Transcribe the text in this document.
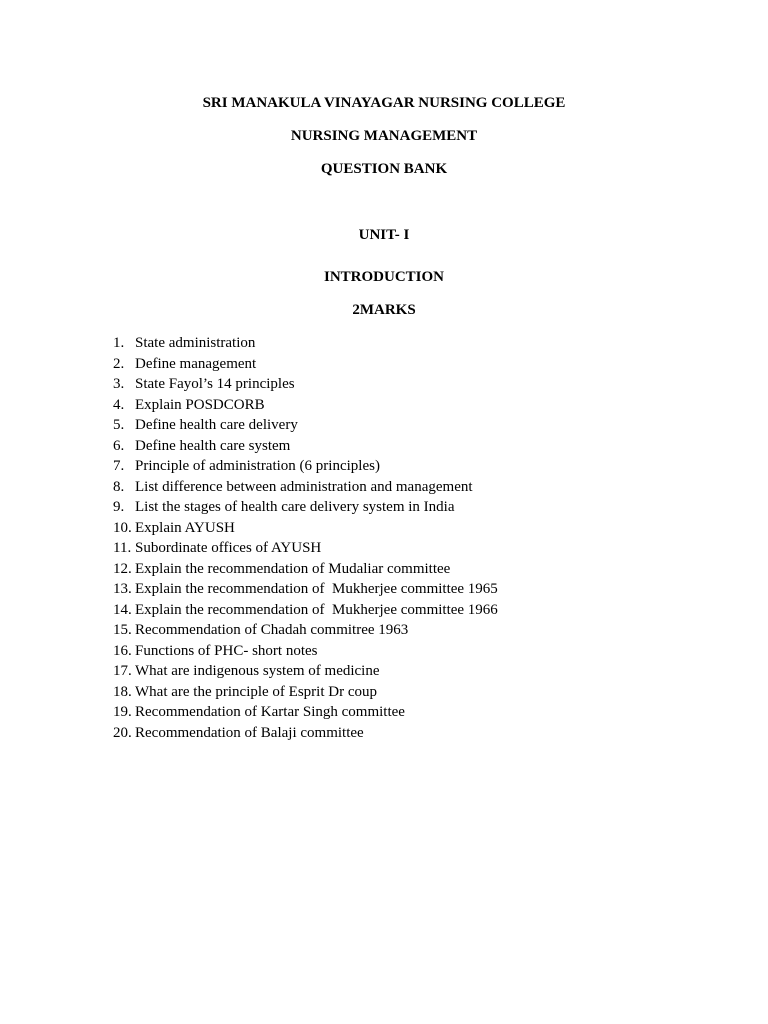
SRI MANAKULA VINAYAGAR NURSING COLLEGE
NURSING MANAGEMENT
QUESTION BANK
UNIT- I
INTRODUCTION
2MARKS
1. State administration
2. Define management
3. State Fayol’s 14 principles
4. Explain POSDCORB
5. Define health care delivery
6. Define health care system
7. Principle of administration (6 principles)
8. List difference between administration and management
9. List the stages of health care delivery system in India
10. Explain AYUSH
11. Subordinate offices of AYUSH
12. Explain the recommendation of Mudaliar committee
13. Explain the recommendation of  Mukherjee committee 1965
14. Explain the recommendation of  Mukherjee committee 1966
15. Recommendation of Chadah commitree 1963
16. Functions of PHC- short notes
17. What are indigenous system of medicine
18. What are the principle of Esprit Dr coup
19. Recommendation of Kartar Singh committee
20. Recommendation of Balaji committee
